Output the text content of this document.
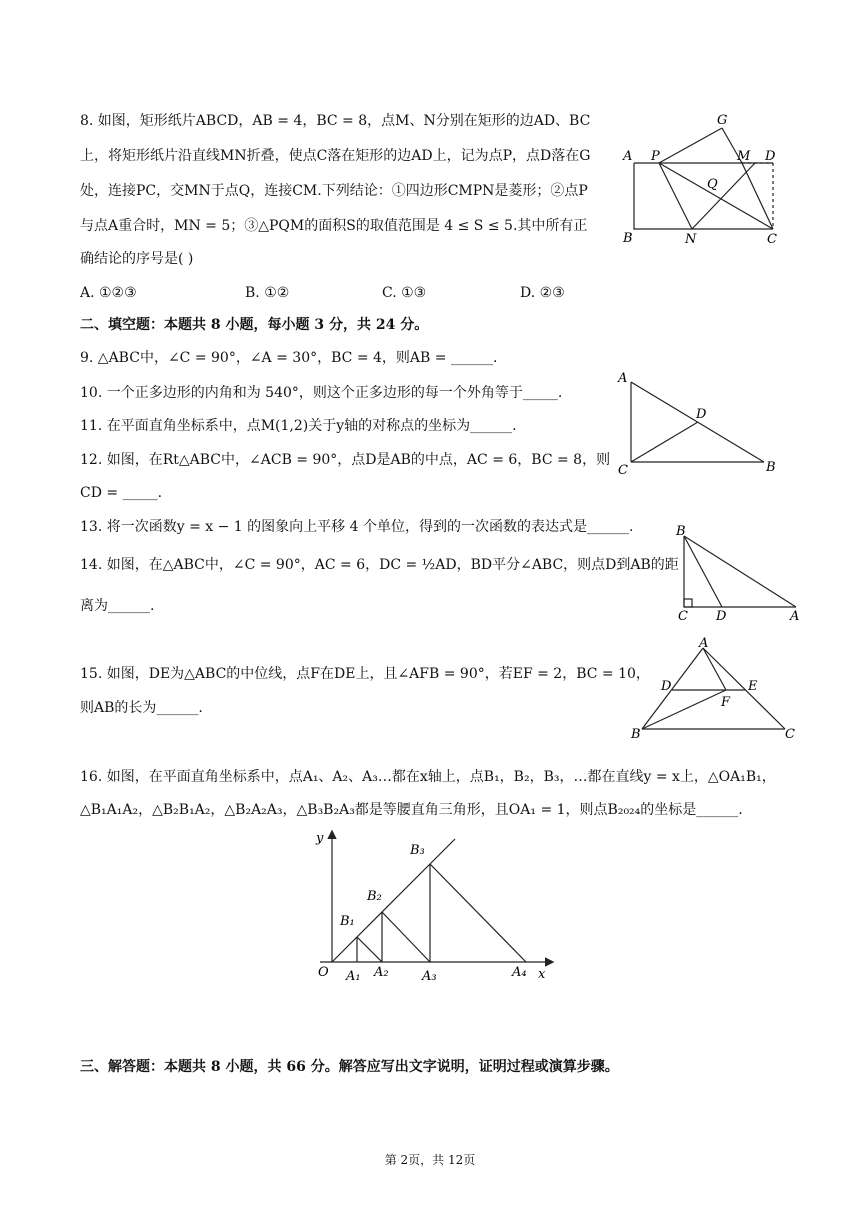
8. 如图，矩形纸片ABCD，AB = 4，BC = 8，点M、N分别在矩形的边AD、BC
上，将矩形纸片沿直线MN折叠，使点C落在矩形的边AD上，记为点P，点D落在G
处，连接PC，交MN于点Q，连接CM.下列结论：①四边形CMPN是菱形；②点P
与点A重合时，MN = 5；③△PQM的面积S的取值范围是 4 ≤ S ≤ 5.其中所有正
确结论的序号是( )
A. ①②③	B. ①②	C. ①③	D. ②③
A P	M D
G
Q
B	N	C
二、填空题：本题共 8 小题，每小题 3 分，共 24 分。
9. △ABC中，∠C = 90°，∠A = 30°，BC = 4，则AB = ______.
10. 一个正多边形的内角和为 540°，则这个正多边形的每一个外角等于_____.
11. 在平面直角坐标系中，点M(1,2)关于y轴的对称点的坐标为______.
12. 如图，在Rt△ABC中，∠ACB = 90°，点D是AB的中点，AC = 6，BC = 8，则
CD = _____.
A
D
C	B
13. 将一次函数y = x − 1 的图象向上平移 4 个单位，得到的一次函数的表达式是______.
14. 如图，在△ABC中，∠C = 90°，AC = 6，DC = ½AD，BD平分∠ABC，则点D到AB的距
离为______.
B
C D	A
15. 如图，DE为△ABC的中位线，点F在DE上，且∠AFB = 90°，若EF = 2，BC = 10，
则AB的长为______.
A
D	E
F
B	C
16. 如图，在平面直角坐标系中，点A₁、A₂、A₃…都在x轴上，点B₁，B₂，B₃，…都在直线y = x上，△OA₁B₁，
△B₁A₁A₂，△B₂B₁A₂，△B₂A₂A₃，△B₃B₂A₃都是等腰直角三角形，且OA₁ = 1，则点B₂₀₂₄的坐标是______.
y
x
O A₁ A₂	A₃	A₄
B₁
B₂
B₃
三、解答题：本题共 8 小题，共 66 分。解答应写出文字说明，证明过程或演算步骤。
第 2页，共 12页
